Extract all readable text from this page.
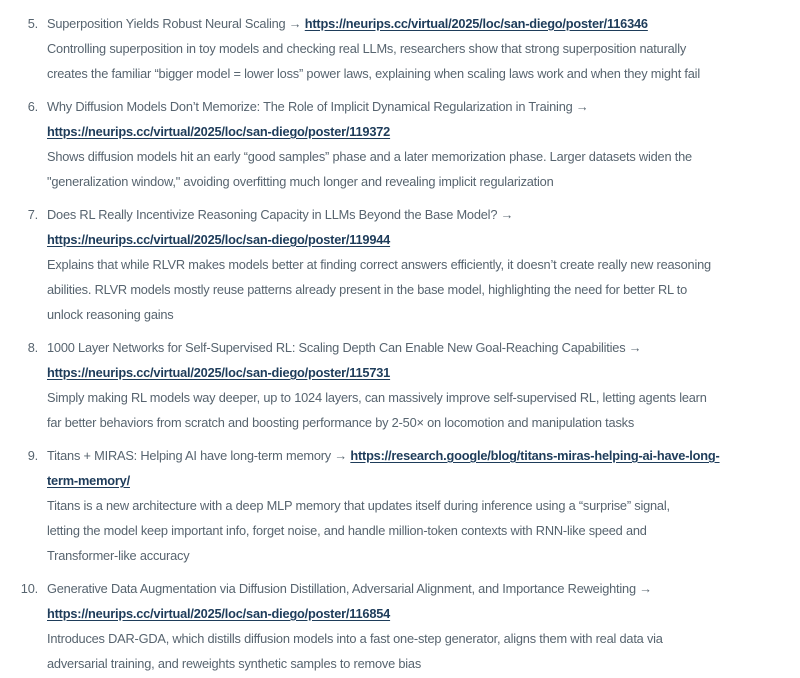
5. Superposition Yields Robust Neural Scaling → https://neurips.cc/virtual/2025/loc/san-diego/poster/116346
Controlling superposition in toy models and checking real LLMs, researchers show that strong superposition naturally
creates the familiar “bigger model = lower loss” power laws, explaining when scaling laws work and when they might fail
6. Why Diffusion Models Don’t Memorize: The Role of Implicit Dynamical Regularization in Training →
https://neurips.cc/virtual/2025/loc/san-diego/poster/119372
Shows diffusion models hit an early “good samples” phase and a later memorization phase. Larger datasets widen the
"generalization window," avoiding overfitting much longer and revealing implicit regularization
7. Does RL Really Incentivize Reasoning Capacity in LLMs Beyond the Base Model? →
https://neurips.cc/virtual/2025/loc/san-diego/poster/119944
Explains that while RLVR makes models better at finding correct answers efficiently, it doesn’t create really new reasoning
abilities. RLVR models mostly reuse patterns already present in the base model, highlighting the need for better RL to
unlock reasoning gains
8. 1000 Layer Networks for Self-Supervised RL: Scaling Depth Can Enable New Goal-Reaching Capabilities →
https://neurips.cc/virtual/2025/loc/san-diego/poster/115731
Simply making RL models way deeper, up to 1024 layers, can massively improve self-supervised RL, letting agents learn
far better behaviors from scratch and boosting performance by 2-50× on locomotion and manipulation tasks
9. Titans + MIRAS: Helping AI have long-term memory → https://research.google/blog/titans-miras-helping-ai-have-long-
term-memory/
Titans is a new architecture with a deep MLP memory that updates itself during inference using a “surprise” signal,
letting the model keep important info, forget noise, and handle million-token contexts with RNN-like speed and
Transformer-like accuracy
10. Generative Data Augmentation via Diffusion Distillation, Adversarial Alignment, and Importance Reweighting →
https://neurips.cc/virtual/2025/loc/san-diego/poster/116854
Introduces DAR-GDA, which distills diffusion models into a fast one-step generator, aligns them with real data via
adversarial training, and reweights synthetic samples to remove bias
